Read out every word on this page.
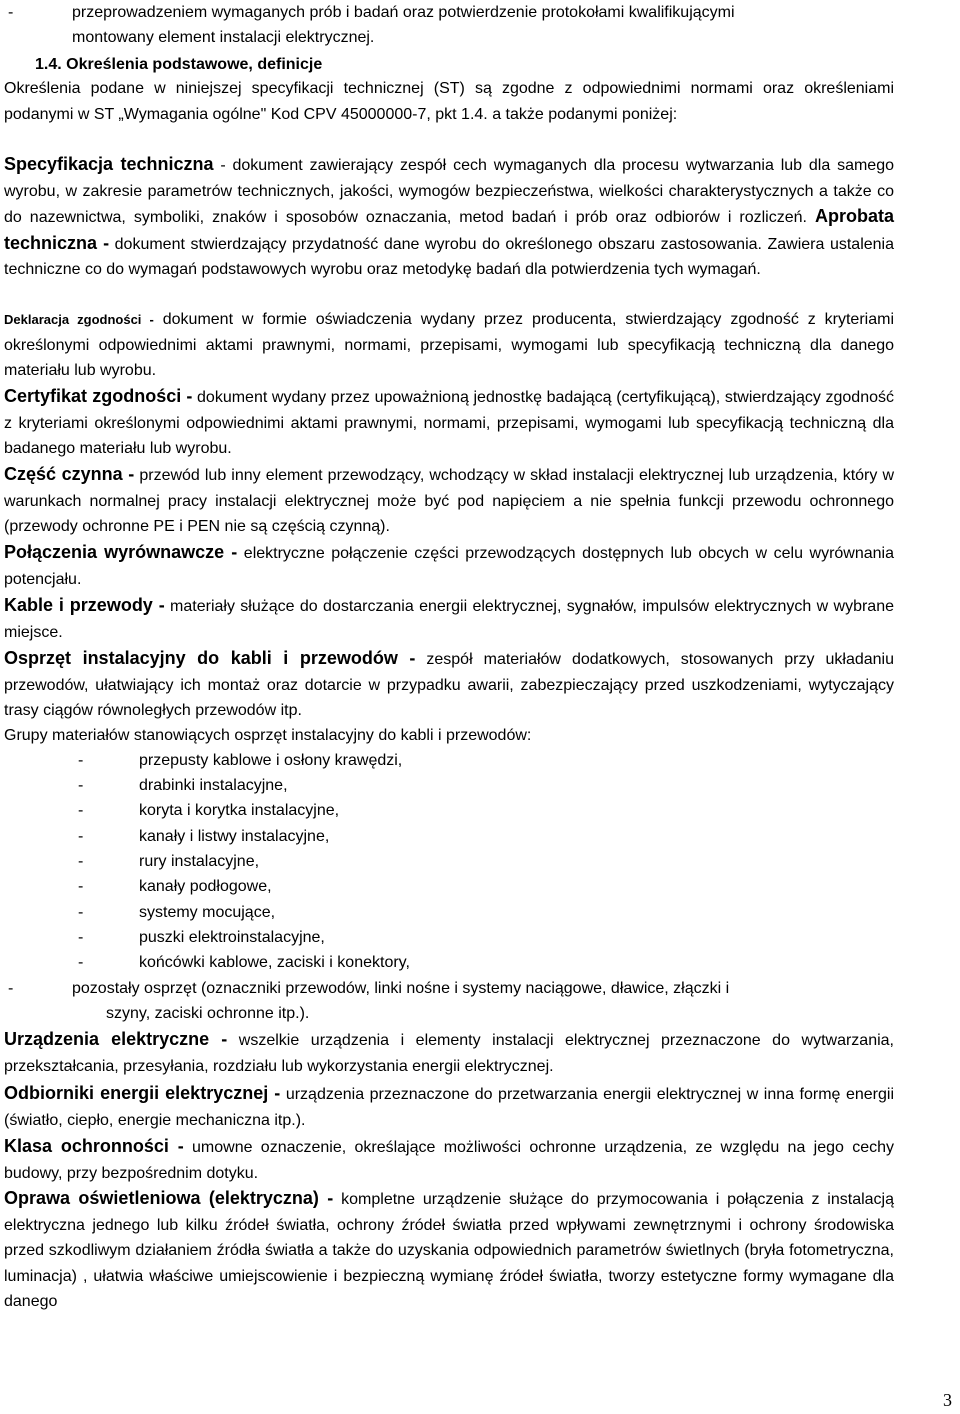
-	przeprowadzeniem wymaganych prób i badań oraz potwierdzenie protokołami kwalifikującymi
montowany element instalacji elektrycznej.
1.4. Określenia podstawowe, definicje
Określenia podane w niniejszej specyfikacji technicznej (ST) są zgodne z odpowiednimi normami oraz określeniami podanymi w ST „Wymagania ogólne" Kod CPV 45000000-7, pkt 1.4. a także podanymi poniżej:
Specyfikacja techniczna - dokument zawierający zespół cech wymaganych dla procesu wytwarzania lub dla samego wyrobu, w zakresie parametrów technicznych, jakości, wymogów bezpieczeństwa, wielkości charakterystycznych a także co do nazewnictwa, symboliki, znaków i sposobów oznaczania, metod badań i prób oraz odbiorów i rozliczeń. Aprobata techniczna - dokument stwierdzający przydatność dane wyrobu do określonego obszaru zastosowania. Zawiera ustalenia techniczne co do wymagań podstawowych wyrobu oraz metodykę badań dla potwierdzenia tych wymagań.
Deklaracja zgodności - dokument w formie oświadczenia wydany przez producenta, stwierdzający zgodność z kryteriami określonymi odpowiednimi aktami prawnymi, normami, przepisami, wymogami lub specyfikacją techniczną dla danego materiału lub wyrobu.
Certyfikat zgodności - dokument wydany przez upoważnioną jednostkę badającą (certyfikującą), stwierdzający zgodność z kryteriami określonymi odpowiednimi aktami prawnymi, normami, przepisami, wymogami lub specyfikacją techniczną dla badanego materiału lub wyrobu.
Część czynna - przewód lub inny element przewodzący, wchodzący w skład instalacji elektrycznej lub urządzenia, który w warunkach normalnej pracy instalacji elektrycznej może być pod napięciem a nie spełnia funkcji przewodu ochronnego (przewody ochronne PE i PEN nie są częścią czynną).
Połączenia wyrównawcze - elektryczne połączenie części przewodzących dostępnych lub obcych w celu wyrównania potencjału.
Kable i przewody - materiały służące do dostarczania energii elektrycznej, sygnałów, impulsów elektrycznych w wybrane miejsce.
Osprzęt instalacyjny do kabli i przewodów - zespół materiałów dodatkowych, stosowanych przy układaniu przewodów, ułatwiający ich montaż oraz dotarcie w przypadku awarii, zabezpieczający przed uszkodzeniami, wytyczający trasy ciągów równoległych przewodów itp.
Grupy materiałów stanowiących osprzęt instalacyjny do kabli i przewodów:
-	przepusty kablowe i osłony krawędzi,
-	drabinki instalacyjne,
-	koryta i korytka instalacyjne,
-	kanały i listwy instalacyjne,
-	rury instalacyjne,
-	kanały podłogowe,
-	systemy mocujące,
-	puszki elektroinstalacyjne,
-	końcówki kablowe, zaciski i konektory,
-	pozostały osprzęt (oznaczniki przewodów, linki nośne i systemy naciągowe, dławice, złączki i
szyny, zaciski ochronne itp.).
Urządzenia elektryczne - wszelkie urządzenia i elementy instalacji elektrycznej przeznaczone do wytwarzania, przekształcania, przesyłania, rozdziału lub wykorzystania energii elektrycznej.
Odbiorniki energii elektrycznej - urządzenia przeznaczone do przetwarzania energii elektrycznej w inna formę energii (światło, ciepło, energie mechaniczna itp.).
Klasa ochronności - umowne oznaczenie, określające możliwości ochronne urządzenia, ze względu na jego cechy budowy, przy bezpośrednim dotyku.
Oprawa oświetleniowa (elektryczna) - kompletne urządzenie służące do przymocowania i połączenia z instalacją elektryczna jednego lub kilku źródeł światła, ochrony źródeł światła przed wpływami zewnętrznymi i ochrony środowiska przed szkodliwym działaniem źródła światła a także do uzyskania odpowiednich parametrów świetlnych (bryła fotometryczna, luminacja) , ułatwia właściwe umiejscowienie i bezpieczną wymianę źródeł światła, tworzy estetyczne formy wymagane dla danego
3
